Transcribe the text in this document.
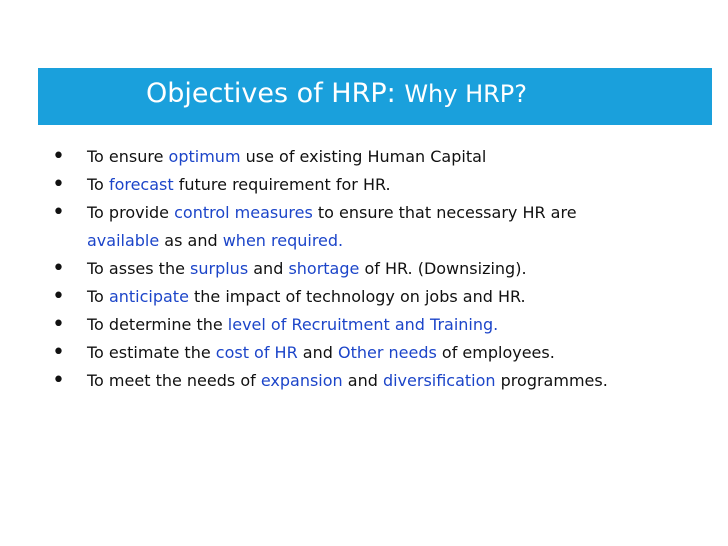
Objectives of HRP: Why HRP?
• To ensure optimum use of existing Human Capital
• To forecast future requirement for HR.
• To provide control measures to ensure that necessary HR are
available as and when required.
• To asses the surplus and shortage of HR. (Downsizing).
• To anticipate the impact of technology on jobs and HR.
• To determine the level of Recruitment and Training.
• To estimate the cost of HR and Other needs of employees.
• To meet the needs of expansion and diversification programmes.
